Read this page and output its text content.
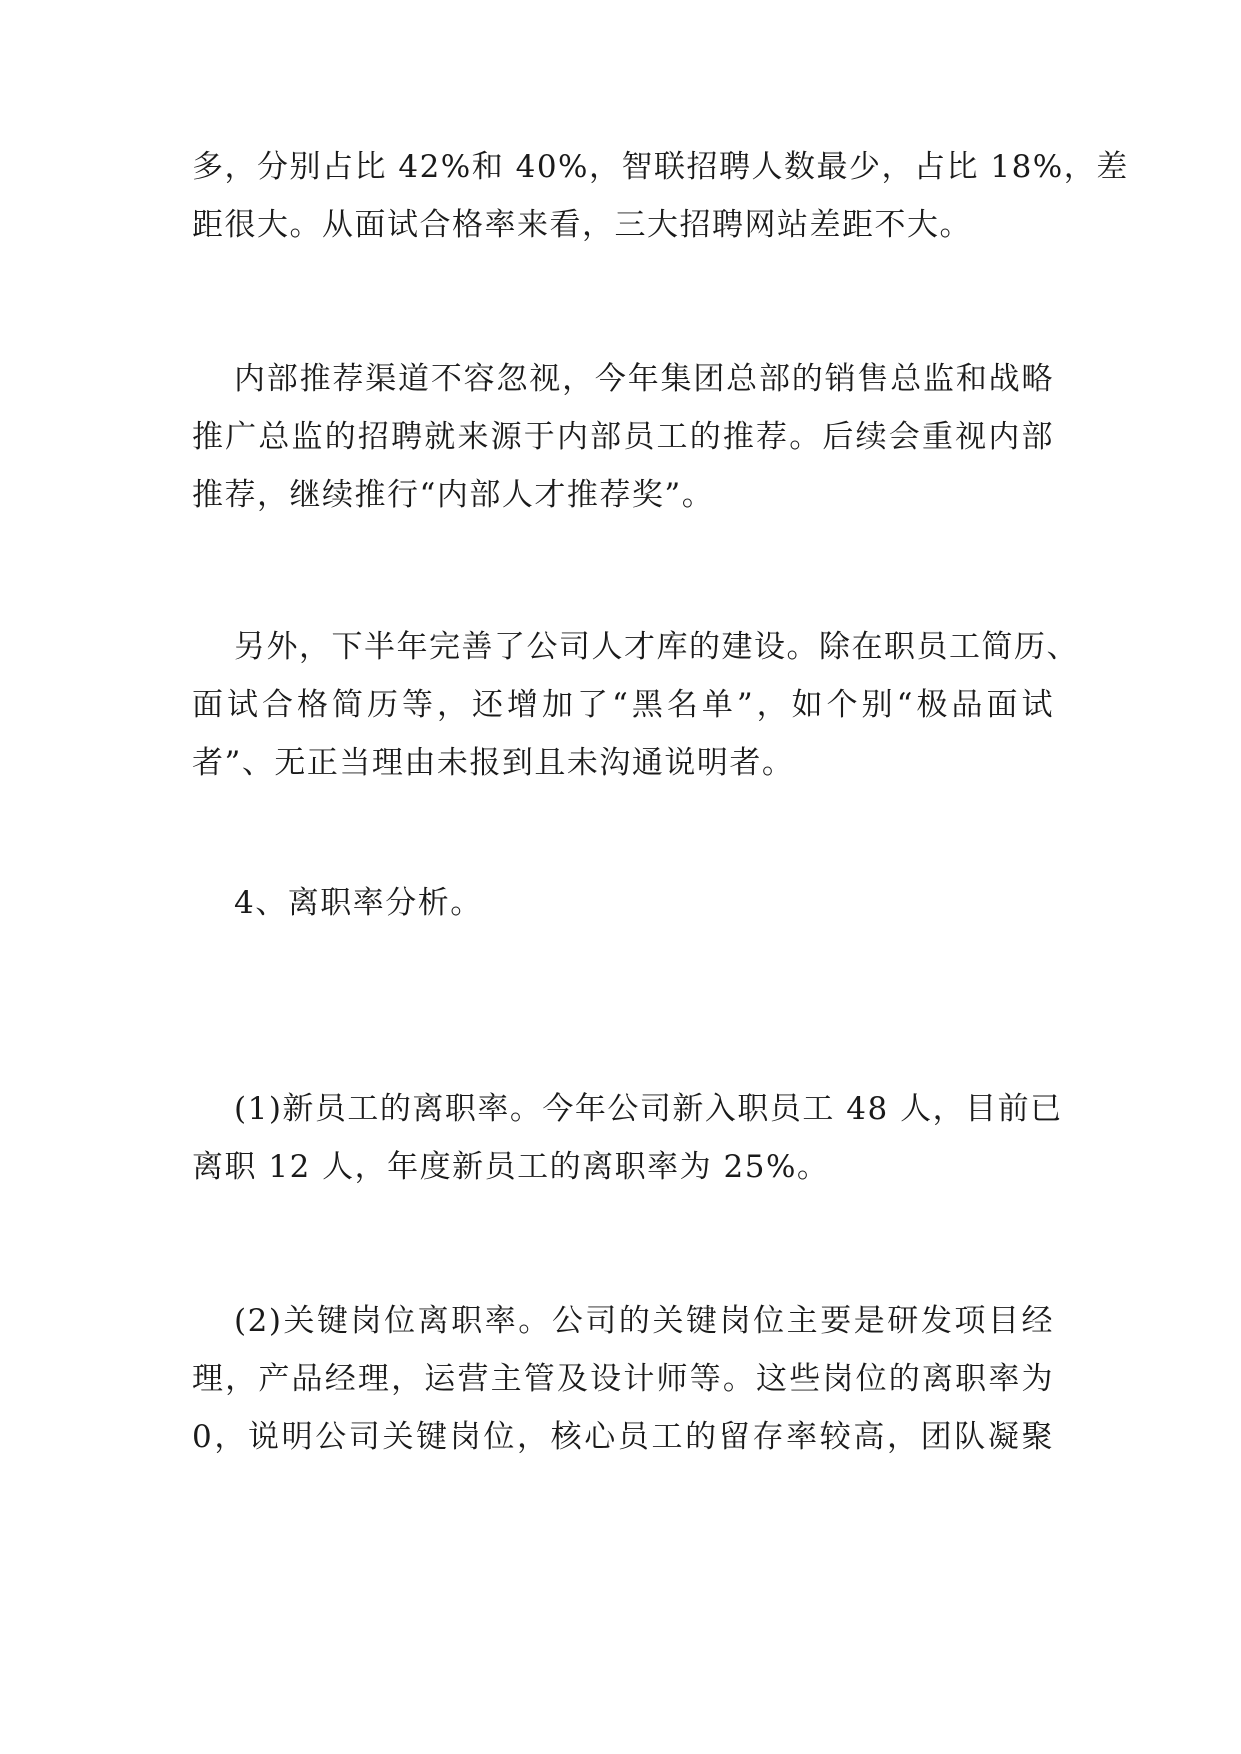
多，分别占比 42%和 40%，智联招聘人数最少，占比 18%，差
距很大。从面试合格率来看，三大招聘网站差距不大。

内部推荐渠道不容忽视，今年集团总部的销售总监和战略
推广总监的招聘就来源于内部员工的推荐。后续会重视内部
推荐，继续推行“内部人才推荐奖”。

另外，下半年完善了公司人才库的建设。除在职员工简历、
面试合格简历等，还增加了“黑名单”，如个别“极品面试
者”、无正当理由未报到且未沟通说明者。

4、离职率分析。

(1)新员工的离职率。今年公司新入职员工 48 人，目前已
离职 12 人，年度新员工的离职率为 25%。

(2)关键岗位离职率。公司的关键岗位主要是研发项目经
理，产品经理，运营主管及设计师等。这些岗位的离职率为
0，说明公司关键岗位，核心员工的留存率较高，团队凝聚
